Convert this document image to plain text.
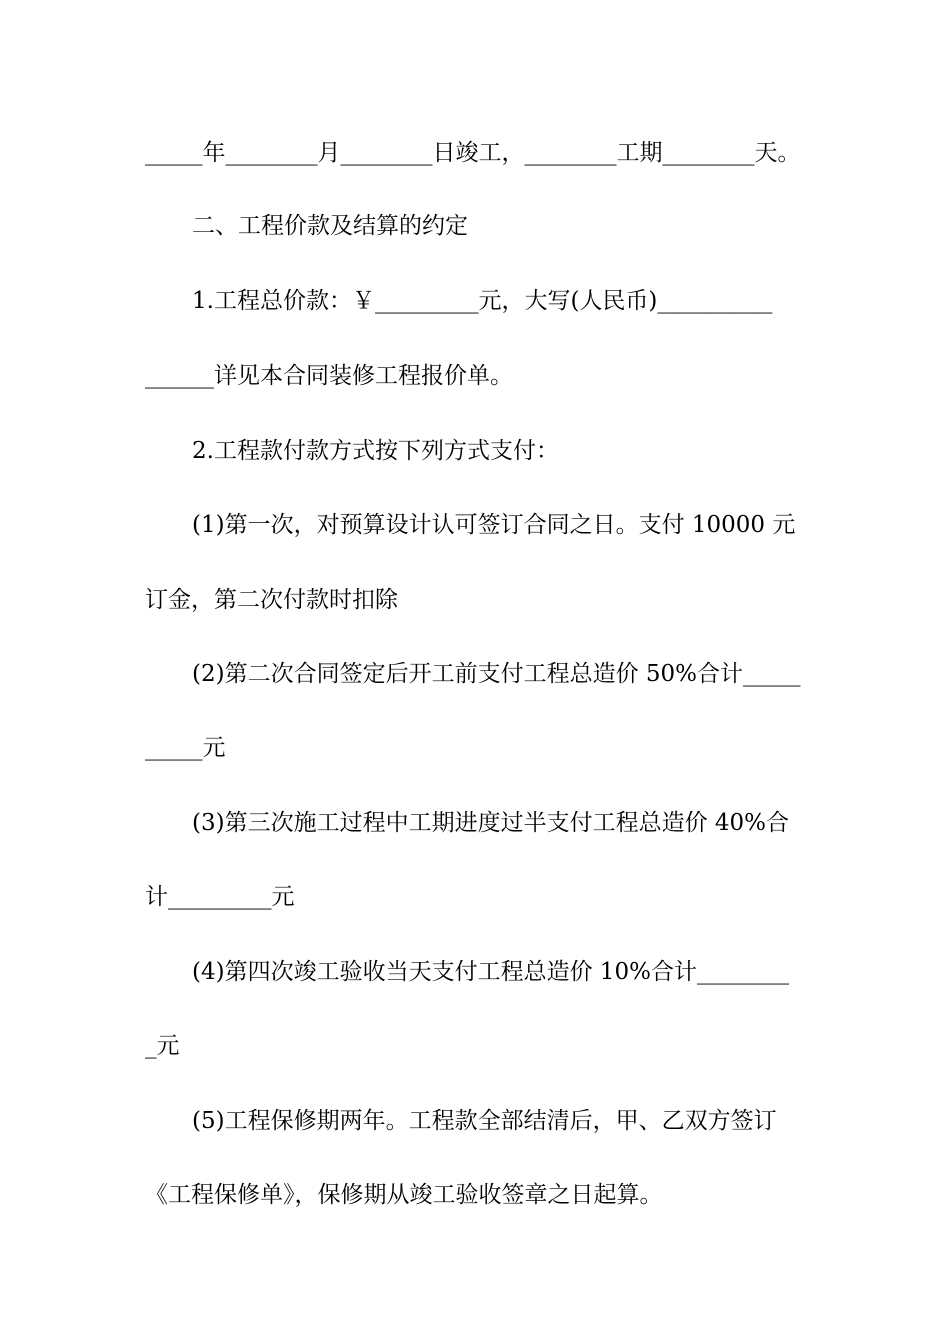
_____年________月________日竣工，________工期________天。
二、工程价款及结算的约定
1.工程总价款：￥_________元，大写(人民币)__________
______详见本合同装修工程报价单。
2.工程款付款方式按下列方式支付：
(1)第一次，对预算设计认可签订合同之日。支付 10000 元
订金，第二次付款时扣除
(2)第二次合同签定后开工前支付工程总造价 50%合计_____
_____元
(3)第三次施工过程中工期进度过半支付工程总造价 40%合
计_________元
(4)第四次竣工验收当天支付工程总造价 10%合计________
_元
(5)工程保修期两年。工程款全部结清后，甲、乙双方签订
《工程保修单》，保修期从竣工验收签章之日起算。
